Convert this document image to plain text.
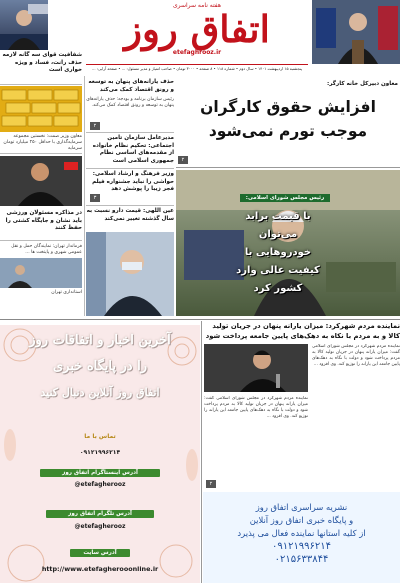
هفته نامه سراسری
اتفاق روز
etefaghrooz.ir
پنجشنبه ۱۵ اردیبهشت ۱۴۰۱ • سال دوم • شماره ۱۱۸ • ۸ صفحه • ۳۰۰۰ تومان • صاحب امتیاز و مدیر مسئول: ... • صفحه آرایی: ...
شفافیت قوای سه گانه لازمه حذف رانت، فساد و ویژه خواری است
معاون وزیر صمت: نخستین مجموعه سرمایه‌گذاری با حداقل ۲۵۰ میلیارد تومان سرمایه
در مذاکره مسئولان ورزشی باید نشان و جایگاه کشتی را حفظ کنند
فرماندار تهران: نمایندگان حمل و نقل عمومی شهری و پایتخت ها ...
استانداری تهران
حذف یارانه‌های پنهان به توسعه و رونق اقتصاد کمک می‌کند
رئیس سازمان برنامه و بودجه: حذف یارانه‌های پنهان به توسعه و رونق اقتصاد کمک می‌کند.
۲
مدیرعامل سازمان تامین اجتماعی: تحکیم نظام خانواده از مقدمه‌های اساسی نظام جمهوری اسلامی است
وزیر فرهنگ و ارشاد اسلامی: حواشی را نباید جشنواره فیلم فجر زیبا را پوشش دهد
۳
عین اللهی: قیمت دارو نسبت به سال گذشته تغییر نمی‌کند
معاون دبیرکل خانه کارگر:
افزایش حقوق کارگران موجب تورم نمی‌شود
۲
رئیس مجلس شورای اسلامی:
با قیمت برابد می‌توان خودروهایی با کیفیت عالی وارد کشور کرد
نماینده مردم شهرکرد: میزان یارانه پنهان در جریان تولید کالا و به مردم با نکاه به دهک‌های پایین جامعه پرداخت شود
نماینده مردم شهرکرد در مجلس شورای اسلامی گفت: میزان یارانه پنهان در جریان تولید کالا به مردم پرداخت شود و دولت با نگاه به دهک‌های پایین جامعه این یارانه را توزیع کند. وی افزود ...
نماینده مردم شهرکرد در مجلس شورای اسلامی گفت: میزان یارانه پنهان در جریان تولید کالا به مردم پرداخت شود و دولت با نگاه به دهک‌های پایین جامعه این یارانه را توزیع کند. وی افزود ...
۲
آخرین اخبار و اتفاقات روز
را در پایگاه خبری
اتفاق روز آنلاین دنبال کنید
تماس با ما
۰۹۱۲۱۹۹۶۲۱۴
آدرس اینستاگرام اتفاق روز
@etefagherooz
آدرس تلگرام اتفاق روز
@etefagherooz
آدرس سایت
http://www.etefagherooonline.ir
نشریه سراسری اتفاق روز
و پایگاه خبری اتفاق روز آنلاین
از کلیه استانها نماینده فعال می پذیرد
۰۹۱۲۱۹۹۶۲۱۴
۰۲۱۵۶۳۳۸۴۴
